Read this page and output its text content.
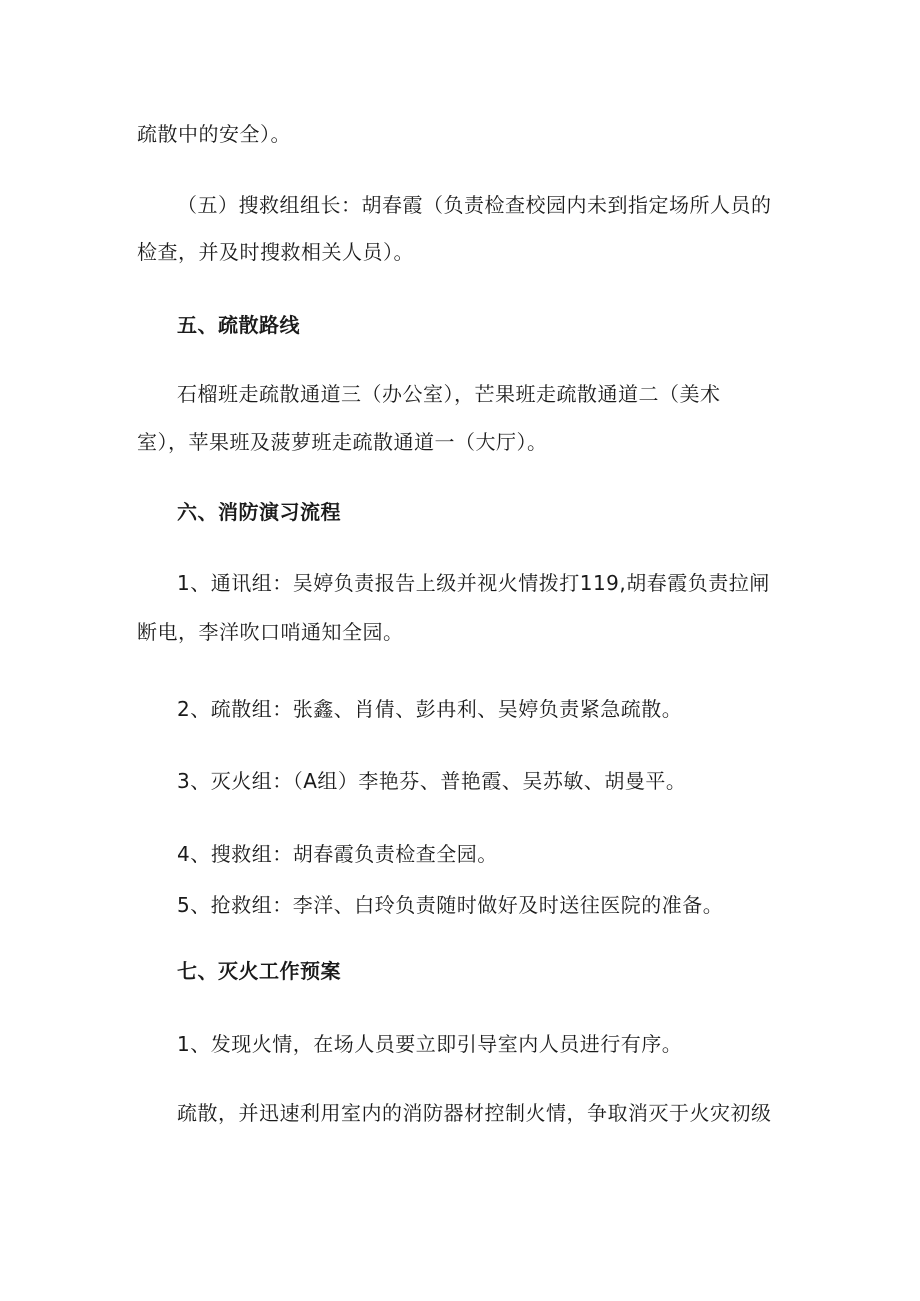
疏散中的安全）。
（五）搜救组组长：胡春霞（负责检查校园内未到指定场所人员的
检查，并及时搜救相关人员）。
五、疏散路线
石榴班走疏散通道三（办公室），芒果班走疏散通道二（美术
室），苹果班及菠萝班走疏散通道一（大厅）。
六、消防演习流程
1、通讯组：吴婷负责报告上级并视火情拨打119,胡春霞负责拉闸
断电，李洋吹口哨通知全园。
2、疏散组：张鑫、肖倩、彭冉利、吴婷负责紧急疏散。
3、灭火组：（A组）李艳芬、普艳霞、吴苏敏、胡曼平。
4、搜救组：胡春霞负责检查全园。
5、抢救组：李洋、白玲负责随时做好及时送往医院的准备。
七、灭火工作预案
1、发现火情，在场人员要立即引导室内人员进行有序。
疏散，并迅速利用室内的消防器材控制火情，争取消灭于火灾初级
